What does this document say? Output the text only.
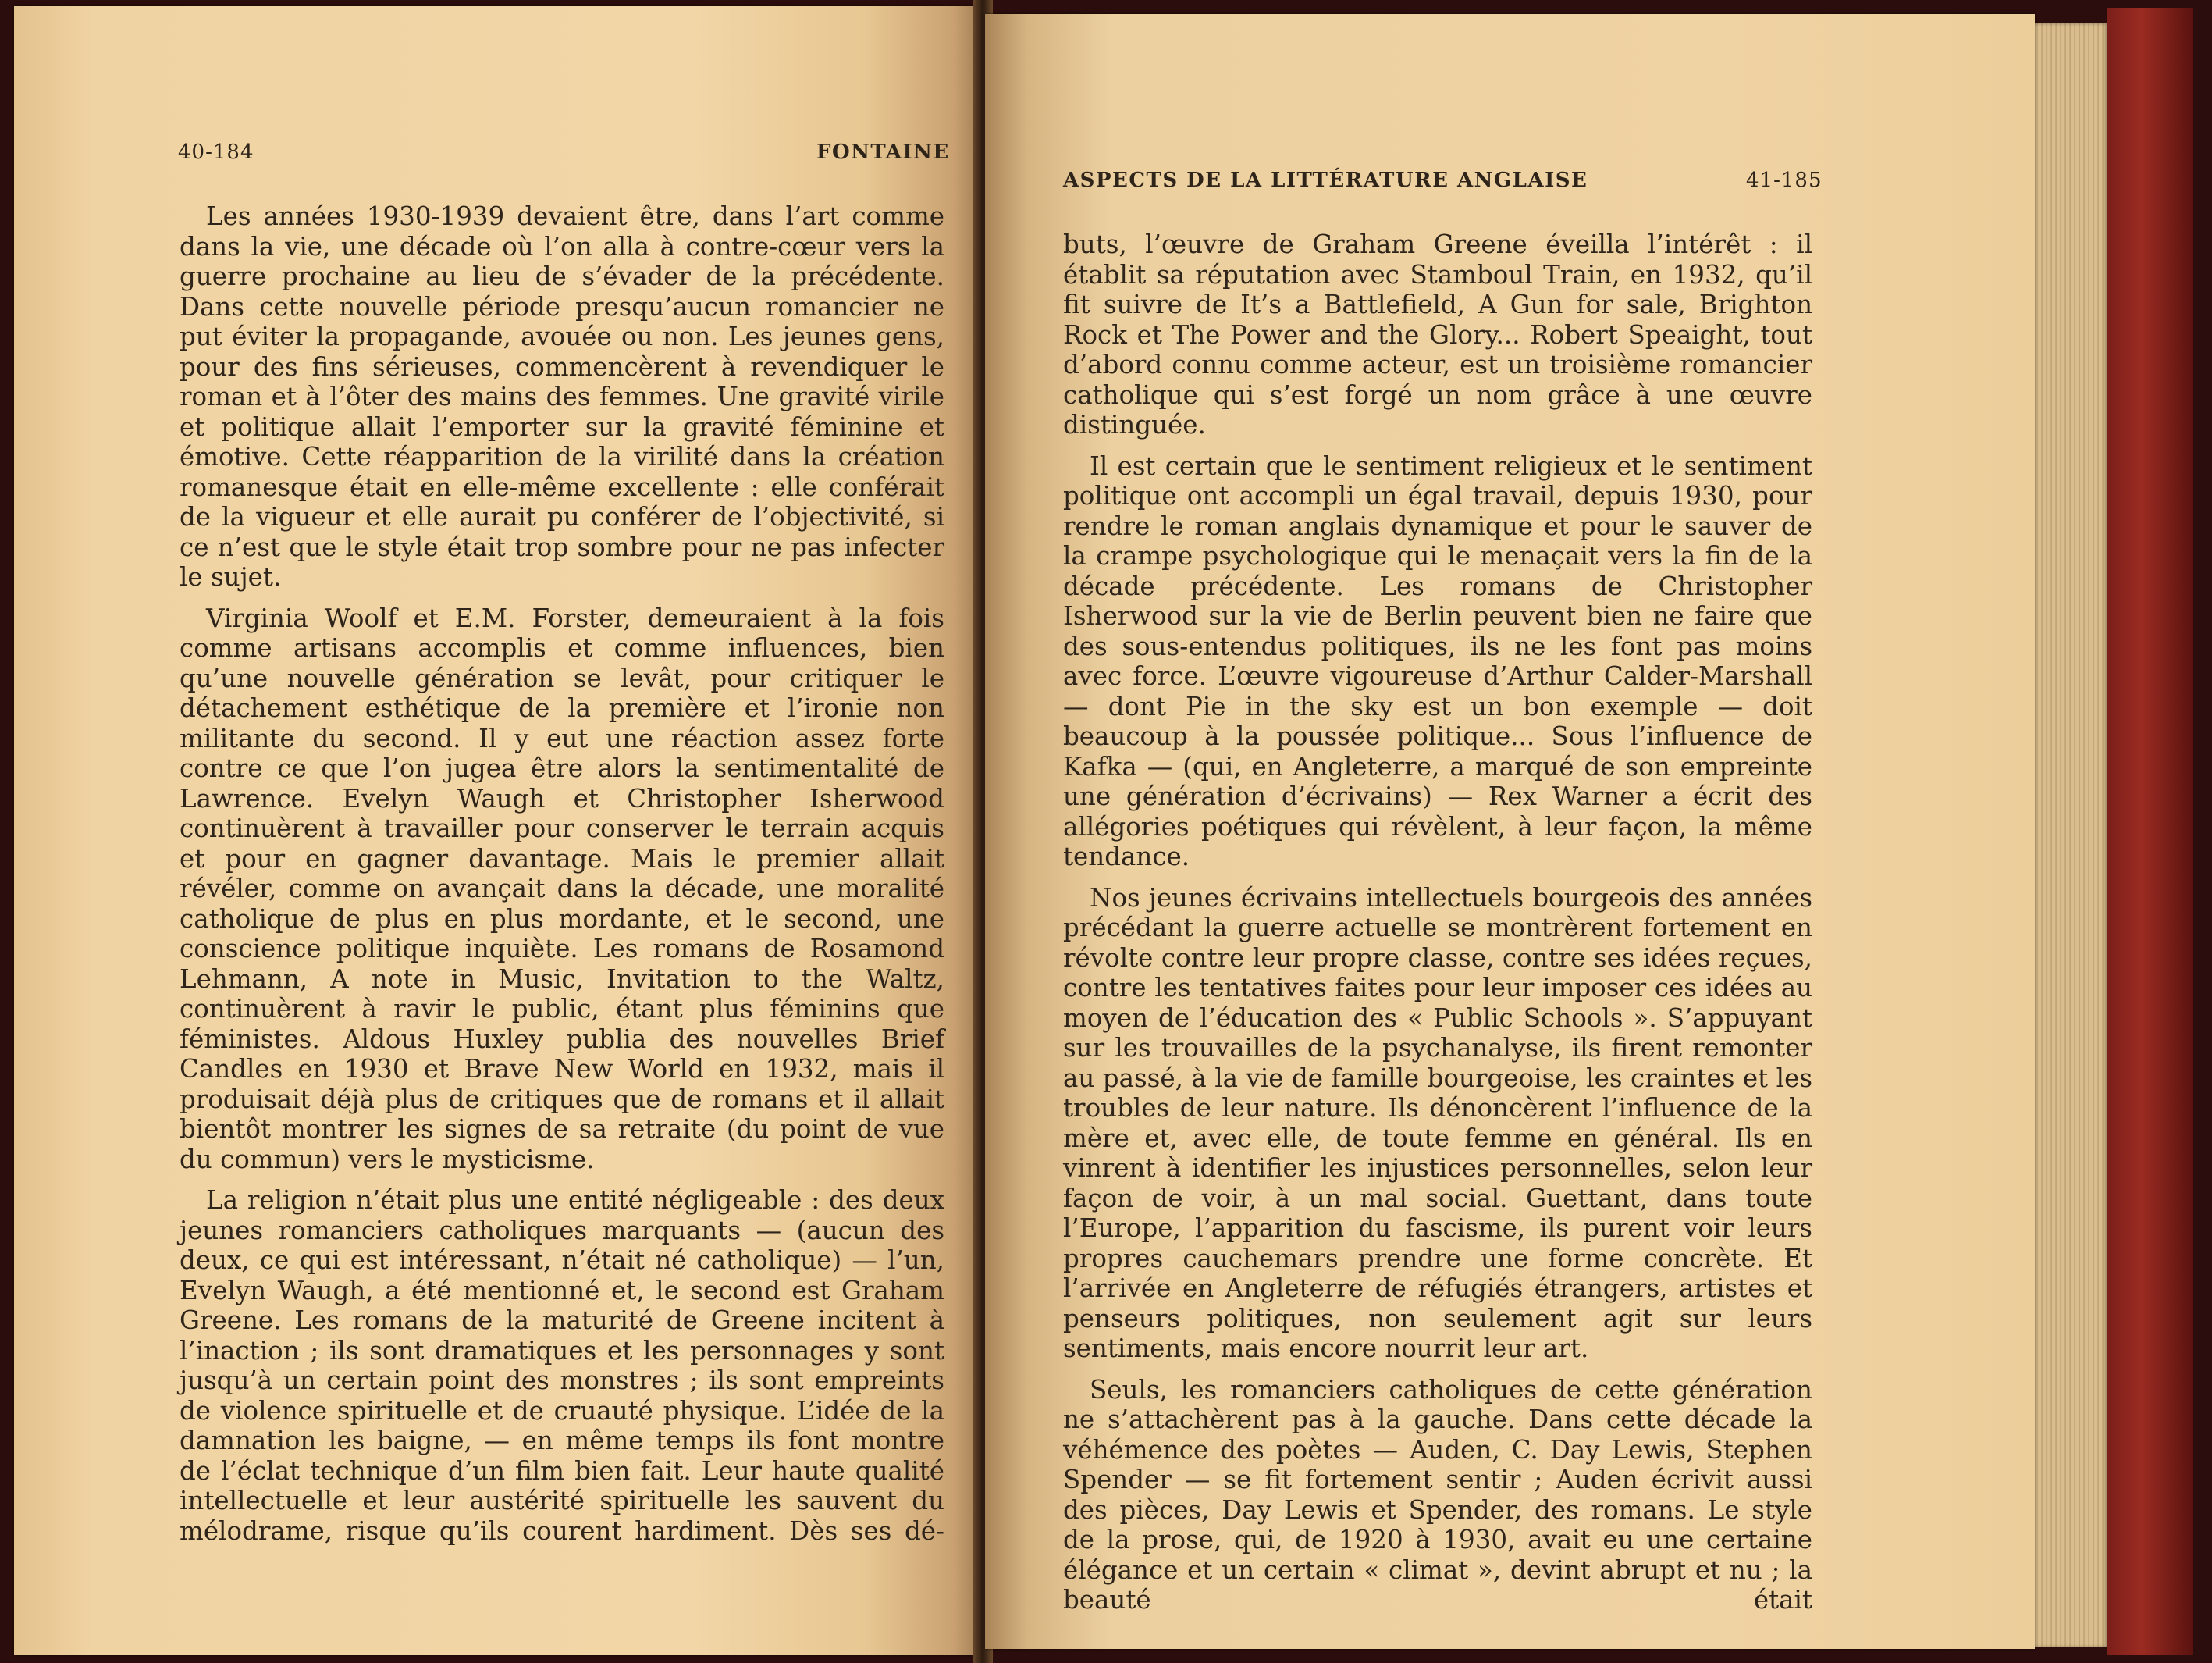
40-184	FONTAINE

Les années 1930-1939 devaient être, dans l’art comme dans la vie, une décade où l’on alla à contre-cœur vers la guerre prochaine au lieu de s’évader de la précédente. Dans cette nouvelle période presqu’aucun romancier ne put éviter la propagande, avouée ou non. Les jeunes gens, pour des fins sérieuses, commencèrent à revendiquer le roman et à l’ôter des mains des femmes. Une gravité virile et politique allait l’emporter sur la gravité féminine et émotive. Cette réapparition de la virilité dans la création romanesque était en elle-même excellente : elle conférait de la vigueur et elle aurait pu conférer de l’objectivité, si ce n’est que le style était trop sombre pour ne pas infecter le sujet.

Virginia Woolf et E.M. Forster, demeuraient à la fois comme artisans accomplis et comme influences, bien qu’une nouvelle génération se levât, pour critiquer le détachement esthétique de la première et l’ironie non militante du second. Il y eut une réaction assez forte contre ce que l’on jugea être alors la sentimentalité de Lawrence. Evelyn Waugh et Christopher Isherwood continuèrent à travailler pour conserver le terrain acquis et pour en gagner davantage. Mais le premier allait révéler, comme on avançait dans la décade, une moralité catholique de plus en plus mordante, et le second, une conscience politique inquiète. Les romans de Rosamond Lehmann, A note in Music, Invitation to the Waltz, continuèrent à ravir le public, étant plus féminins que féministes. Aldous Huxley publia des nouvelles Brief Candles en 1930 et Brave New World en 1932, mais il produisait déjà plus de critiques que de romans et il allait bientôt montrer les signes de sa retraite (du point de vue du commun) vers le mysticisme.

La religion n’était plus une entité négligeable : des deux jeunes romanciers catholiques marquants — (aucun des deux, ce qui est intéressant, n’était né catholique) — l’un, Evelyn Waugh, a été mentionné et, le second est Graham Greene. Les romans de la maturité de Greene incitent à l’inaction ; ils sont dramatiques et les personnages y sont jusqu’à un certain point des monstres ; ils sont empreints de violence spirituelle et de cruauté physique. L’idée de la damnation les baigne, — en même temps ils font montre de l’éclat technique d’un film bien fait. Leur haute qualité intellectuelle et leur austérité spirituelle les sauvent du mélodrame, risque qu’ils courent hardiment. Dès ses dé-

ASPECTS DE LA LITTÉRATURE ANGLAISE	41-185

buts, l’œuvre de Graham Greene éveilla l’intérêt : il établit sa réputation avec Stamboul Train, en 1932, qu’il fit suivre de It’s a Battlefield, A Gun for sale, Brighton Rock et The Power and the Glory... Robert Speaight, tout d’abord connu comme acteur, est un troisième romancier catholique qui s’est forgé un nom grâce à une œuvre distinguée.

Il est certain que le sentiment religieux et le sentiment politique ont accompli un égal travail, depuis 1930, pour rendre le roman anglais dynamique et pour le sauver de la crampe psychologique qui le menaçait vers la fin de la décade précédente. Les romans de Christopher Isherwood sur la vie de Berlin peuvent bien ne faire que des sous-entendus politiques, ils ne les font pas moins avec force. L’œuvre vigoureuse d’Arthur Calder-Marshall — dont Pie in the sky est un bon exemple — doit beaucoup à la poussée politique... Sous l’influence de Kafka — (qui, en Angleterre, a marqué de son empreinte une génération d’écrivains) — Rex Warner a écrit des allégories poétiques qui révèlent, à leur façon, la même tendance.

Nos jeunes écrivains intellectuels bourgeois des années précédant la guerre actuelle se montrèrent fortement en révolte contre leur propre classe, contre ses idées reçues, contre les tentatives faites pour leur imposer ces idées au moyen de l’éducation des « Public Schools ». S’appuyant sur les trouvailles de la psychanalyse, ils firent remonter au passé, à la vie de famille bourgeoise, les craintes et les troubles de leur nature. Ils dénoncèrent l’influence de la mère et, avec elle, de toute femme en général. Ils en vinrent à identifier les injustices personnelles, selon leur façon de voir, à un mal social. Guettant, dans toute l’Europe, l’apparition du fascisme, ils purent voir leurs propres cauchemars prendre une forme concrète. Et l’arrivée en Angleterre de réfugiés étrangers, artistes et penseurs politiques, non seulement agit sur leurs sentiments, mais encore nourrit leur art.

Seuls, les romanciers catholiques de cette génération ne s’attachèrent pas à la gauche. Dans cette décade la véhémence des poètes — Auden, C. Day Lewis, Stephen Spender — se fit fortement sentir ; Auden écrivit aussi des pièces, Day Lewis et Spender, des romans. Le style de la prose, qui, de 1920 à 1930, avait eu une certaine élégance et un certain « climat », devint abrupt et nu ; la beauté était
